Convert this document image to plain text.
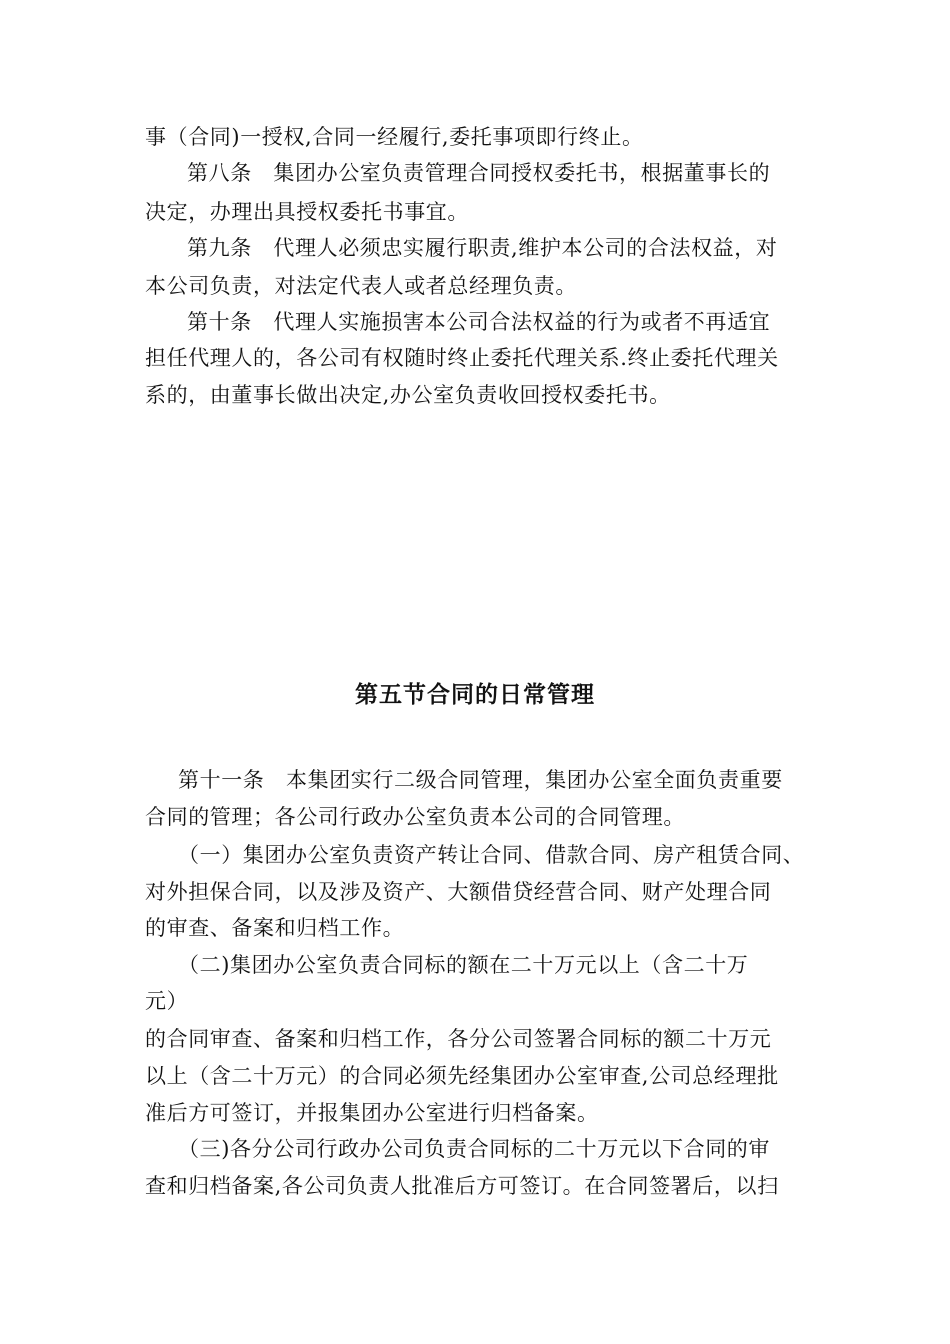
事（合同)一授权,合同一经履行,委托事项即行终止。
第八条　集团办公室负责管理合同授权委托书，根据董事长的
决定，办理出具授权委托书事宜。
第九条　代理人必须忠实履行职责,维护本公司的合法权益，对
本公司负责，对法定代表人或者总经理负责。
第十条　代理人实施损害本公司合法权益的行为或者不再适宜
担任代理人的，各公司有权随时终止委托代理关系.终止委托代理关
系的，由董事长做出决定,办公室负责收回授权委托书。
第五节合同的日常管理
第十一条　本集团实行二级合同管理，集团办公室全面负责重要
合同的管理；各公司行政办公室负责本公司的合同管理。
（一）集团办公室负责资产转让合同、借款合同、房产租赁合同、
对外担保合同，以及涉及资产、大额借贷经营合同、财产处理合同
的审查、备案和归档工作。
（二)集团办公室负责合同标的额在二十万元以上（含二十万
元）
的合同审查、备案和归档工作，各分公司签署合同标的额二十万元
以上（含二十万元）的合同必须先经集团办公室审查,公司总经理批
准后方可签订，并报集团办公室进行归档备案。
（三)各分公司行政办公司负责合同标的二十万元以下合同的审
查和归档备案,各公司负责人批准后方可签订。在合同签署后，以扫
